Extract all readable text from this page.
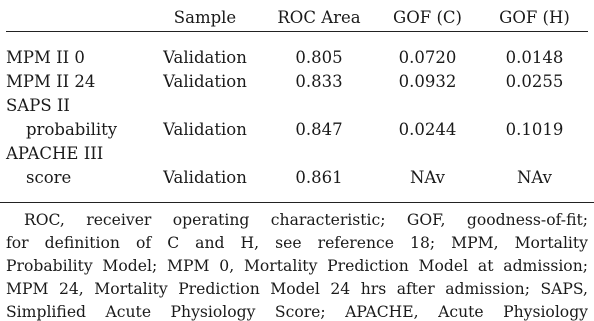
	Sample	ROC Area	GOF (C)	GOF (H)
MPM II 0	Validation	0.805	0.0720	0.0148
MPM II 24	Validation	0.833	0.0932	0.0255
SAPS II				
probability	Validation	0.847	0.0244	0.1019
APACHE III				
score	Validation	0.861	NAv	NAv
ROC, receiver operating characteristic; GOF, goodness-of-fit;
for definition of C and H, see reference 18; MPM, Mortality
Probability Model; MPM 0, Mortality Prediction Model at admission;
MPM 24, Mortality Prediction Model 24 hrs after admission; SAPS,
Simplified Acute Physiology Score; APACHE, Acute Physiology
